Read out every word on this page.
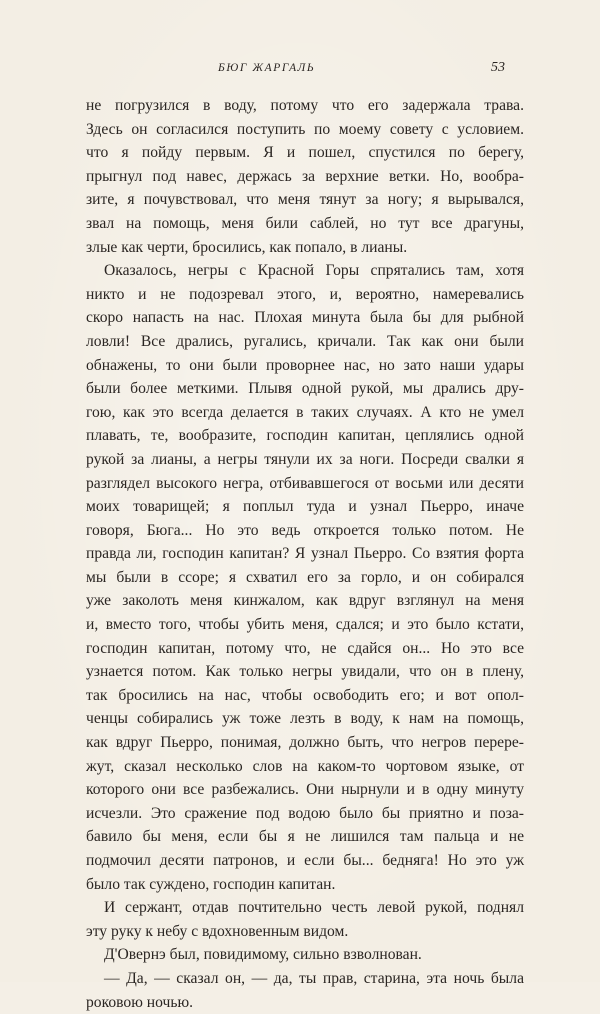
БЮГ ЖАРГАЛЬ	53
не погрузился в воду, потому что его задержала трава.
Здесь он согласился поступить по моему совету с условием.
что я пойду первым. Я и пошел, спустился по берегу,
прыгнул под навес, держась за верхние ветки. Но, вообра-
зите, я почувствовал, что меня тянут за ногу; я вырывался,
звал на помощь, меня били саблей, но тут все драгуны,
злые как черти, бросились, как попало, в лианы.
Оказалось, негры с Красной Горы спрятались там, хотя
никто и не подозревал этого, и, вероятно, намеревались
скоро напасть на нас. Плохая минута была бы для рыбной
ловли! Все дрались, ругались, кричали. Так как они были
обнажены, то они были проворнее нас, но зато наши удары
были более меткими. Плывя одной рукой, мы дрались дру-
гою, как это всегда делается в таких случаях. А кто не умел
плавать, те, вообразите, господин капитан, цеплялись одной
рукой за лианы, а негры тянули их за ноги. Посреди свалки я
разглядел высокого негра, отбивавшегося от восьми или десяти
моих товарищей; я поплыл туда и узнал Пьерро, иначе
говоря, Бюга... Но это ведь откроется только потом. Не
правда ли, господин капитан? Я узнал Пьерро. Со взятия форта
мы были в ссоре; я схватил его за горло, и он собирался
уже заколоть меня кинжалом, как вдруг взглянул на меня
и, вместо того, чтобы убить меня, сдался; и это было кстати,
господин капитан, потому что, не сдайся он... Но это все
узнается потом. Как только негры увидали, что он в плену,
так бросились на нас, чтобы освободить его; и вот опол-
ченцы собирались уж тоже лезть в воду, к нам на помощь,
как вдруг Пьерро, понимая, должно быть, что негров перере-
жут, сказал несколько слов на каком-то чортовом языке, от
которого они все разбежались. Они нырнули и в одну минуту
исчезли. Это сражение под водою было бы приятно и поза-
бавило бы меня, если бы я не лишился там пальца и не
подмочил десяти патронов, и если бы... бедняга! Но это уж
было так суждено, господин капитан.
И сержант, отдав почтительно честь левой рукой, поднял
эту руку к небу с вдохновенным видом.
Д'Овернэ был, повидимому, сильно взволнован.
— Да, — сказал он, — да, ты прав, старина, эта ночь была
роковою ночью.
